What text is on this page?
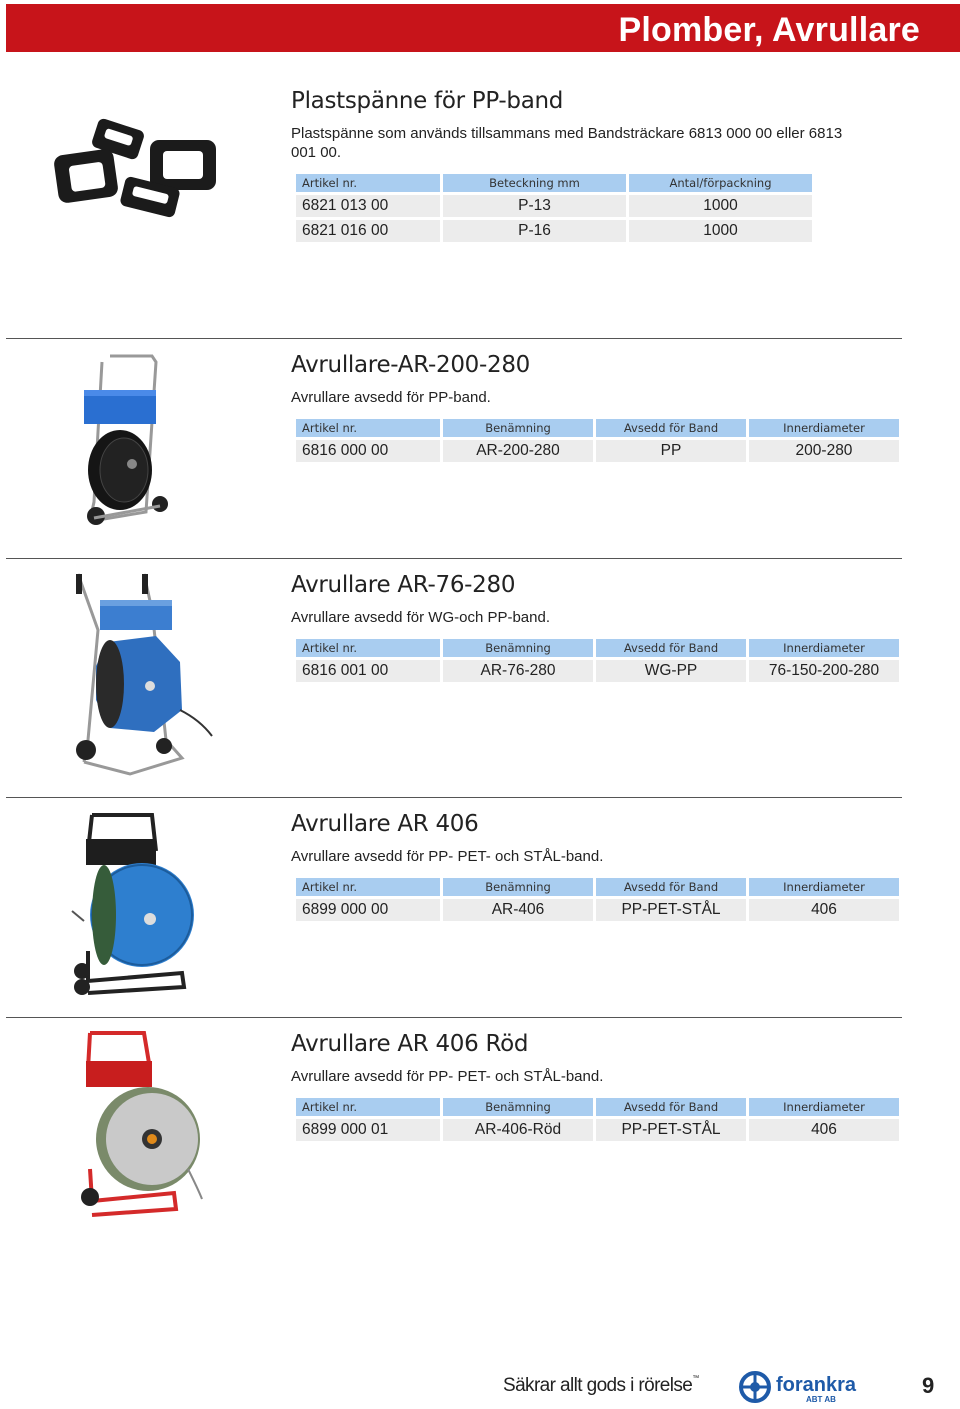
Plomber, Avrullare
Plastspänne för PP-band
Plastspänne som används tillsammans med Bandsträckare 6813 000 00 eller 6813 001 00.
Artikel nr.	Beteckning mm	Antal/förpackning
6821 013 00	P-13	1000
6821 016 00	P-16	1000
Avrullare-AR-200-280
Avrullare avsedd för PP-band.
Artikel nr.	Benämning	Avsedd för Band	Innerdiameter
6816 000 00	AR-200-280	PP	200-280
Avrullare AR-76-280
Avrullare avsedd för WG-och PP-band.
Artikel nr.	Benämning	Avsedd för Band	Innerdiameter
6816 001 00	AR-76-280	WG-PP	76-150-200-280
Avrullare AR 406
Avrullare avsedd för PP- PET- och STÅL-band.
Artikel nr.	Benämning	Avsedd för Band	Innerdiameter
6899 000 00	AR-406	PP-PET-STÅL	406
Avrullare AR 406 Röd
Avrullare avsedd för PP- PET- och STÅL-band.
Artikel nr.	Benämning	Avsedd för Band	Innerdiameter
6899 000 01	AR-406-Röd	PP-PET-STÅL	406
Säkrar allt gods i rörelse™	forankra
ABT AB
9
